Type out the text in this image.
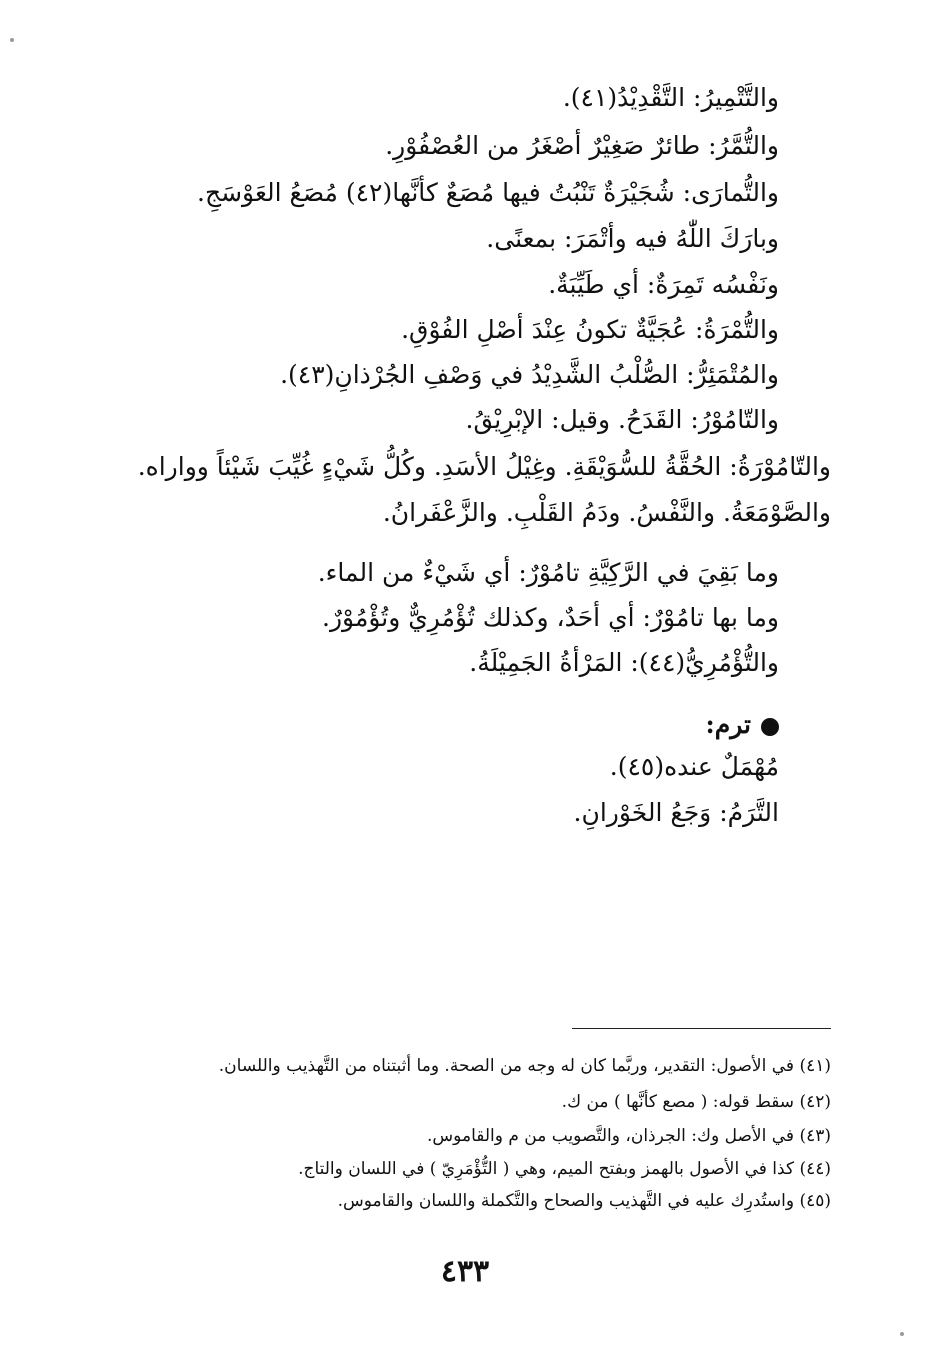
والتَّتْمِيرُ: التَّقْدِيْدُ(٤١).
والتُّمَّرُ: طائرٌ صَغِيْرٌ أصْغَرُ من العُصْفُوْرِ.
والتُّمارَى: شُجَيْرَةٌ تَنْبُتُ فيها مُصَعٌ كأنَّها(٤٢) مُصَعُ العَوْسَجِ.
وبارَكَ اللّٰهُ فيه وأتْمَرَ: بمعنًى.
ونَفْسُه تَمِرَةٌ: أي طَيِّبَةٌ.
والتُّمْرَةُ: عُجَيَّةٌ تكونُ عِنْدَ أصْلِ الفُوْقِ.
والمُتْمَئِرُّ: الصُّلْبُ الشَّدِيْدُ في وَصْفِ الجُرْذانِ(٤٣).
والتّامُوْرُ: القَدَحُ. وقيل: الإبْرِيْقُ.
والتّامُوْرَةُ: الحُقَّةُ للسُّوَيْقَةِ. وغِيْلُ الأسَدِ. وكُلُّ شَيْءٍ غُيِّبَ شَيْئاً وواراه.
والصَّوْمَعَةُ. والنَّفْسُ. ودَمُ القَلْبِ. والزَّعْفَرانُ.
وما بَقِيَ في الرَّكِيَّةِ تامُوْرٌ: أي شَيْءٌ من الماء.
وما بها تامُوْرٌ: أي أحَدٌ، وكذلك تُؤْمُرِيٌّ وتُؤْمُوْرٌ.
والتُّؤْمُرِيُّ(٤٤): المَرْأةُ الجَمِيْلَةُ.
ترم:
مُهْمَلٌ عنده(٤٥).
التَّرَمُ: وَجَعُ الخَوْرانِ.
(٤١) في الأصول: التقدير، وربَّما كان له وجه من الصحة. وما أثبتناه من التَّهذيب واللسان.
(٤٢) سقط قوله: ( مصع كأنَّها ) من ك.
(٤٣) في الأصل وك: الجرذان، والتَّصويب من م والقاموس.
(٤٤) كذا في الأصول بالهمز وبفتح الميم، وهي ( التُّؤْمَرِيّ ) في اللسان والتاج.
(٤٥) واستُدرِك عليه في التَّهذيب والصحاح والتَّكملة واللسان والقاموس.
٤٣٣
